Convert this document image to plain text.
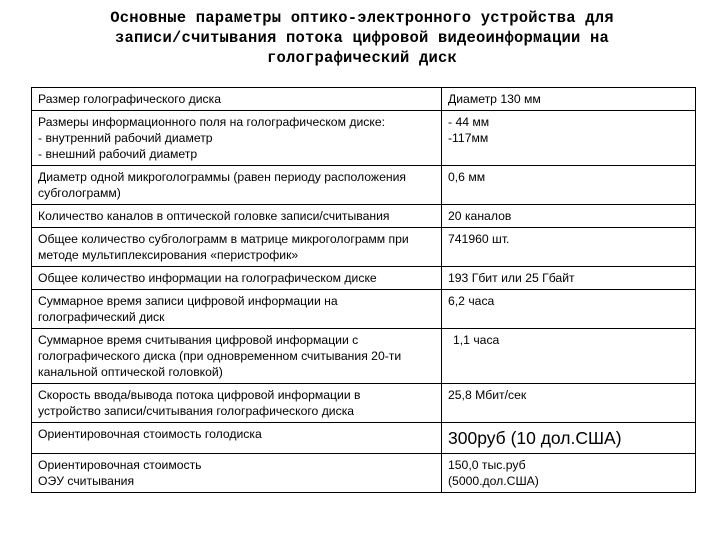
Основные параметры оптико-электронного устройства для
записи/считывания потока цифровой видеоинформации на
голографический диск
Размер голографического диска	Диаметр 130 мм

Размеры информационного поля на голографическом диске:
- внутренний рабочий диаметр
- внешний рабочий диаметр	- 44 мм
-117мм

Диаметр одной микроголограммы (равен периоду расположения
субголограмм)	0,6 мм

Количество каналов в оптической головке записи/считывания	20 каналов

Общее количество субголограмм в матрице микроголограмм при
методе мультиплексирования «перистрофик»	741960 шт.

Общее количество информации на голографическом диске	193 Гбит или 25 Гбайт

Суммарное время записи цифровой информации на
голографический диск	6,2 часа

Суммарное время считывания цифровой информации с
голографического диска (при одновременном считывания 20-ти
канальной оптической головкой)	1,1 часа

Скорость ввода/вывода потока цифровой информации в
устройство записи/считывания голографического диска	25,8 Мбит/сек

Ориентировочная стоимость голодиска	300руб (10 дол.США)

Ориентировочная стоимость
ОЭУ считывания	150,0 тыс.руб
(5000.дол.США)
